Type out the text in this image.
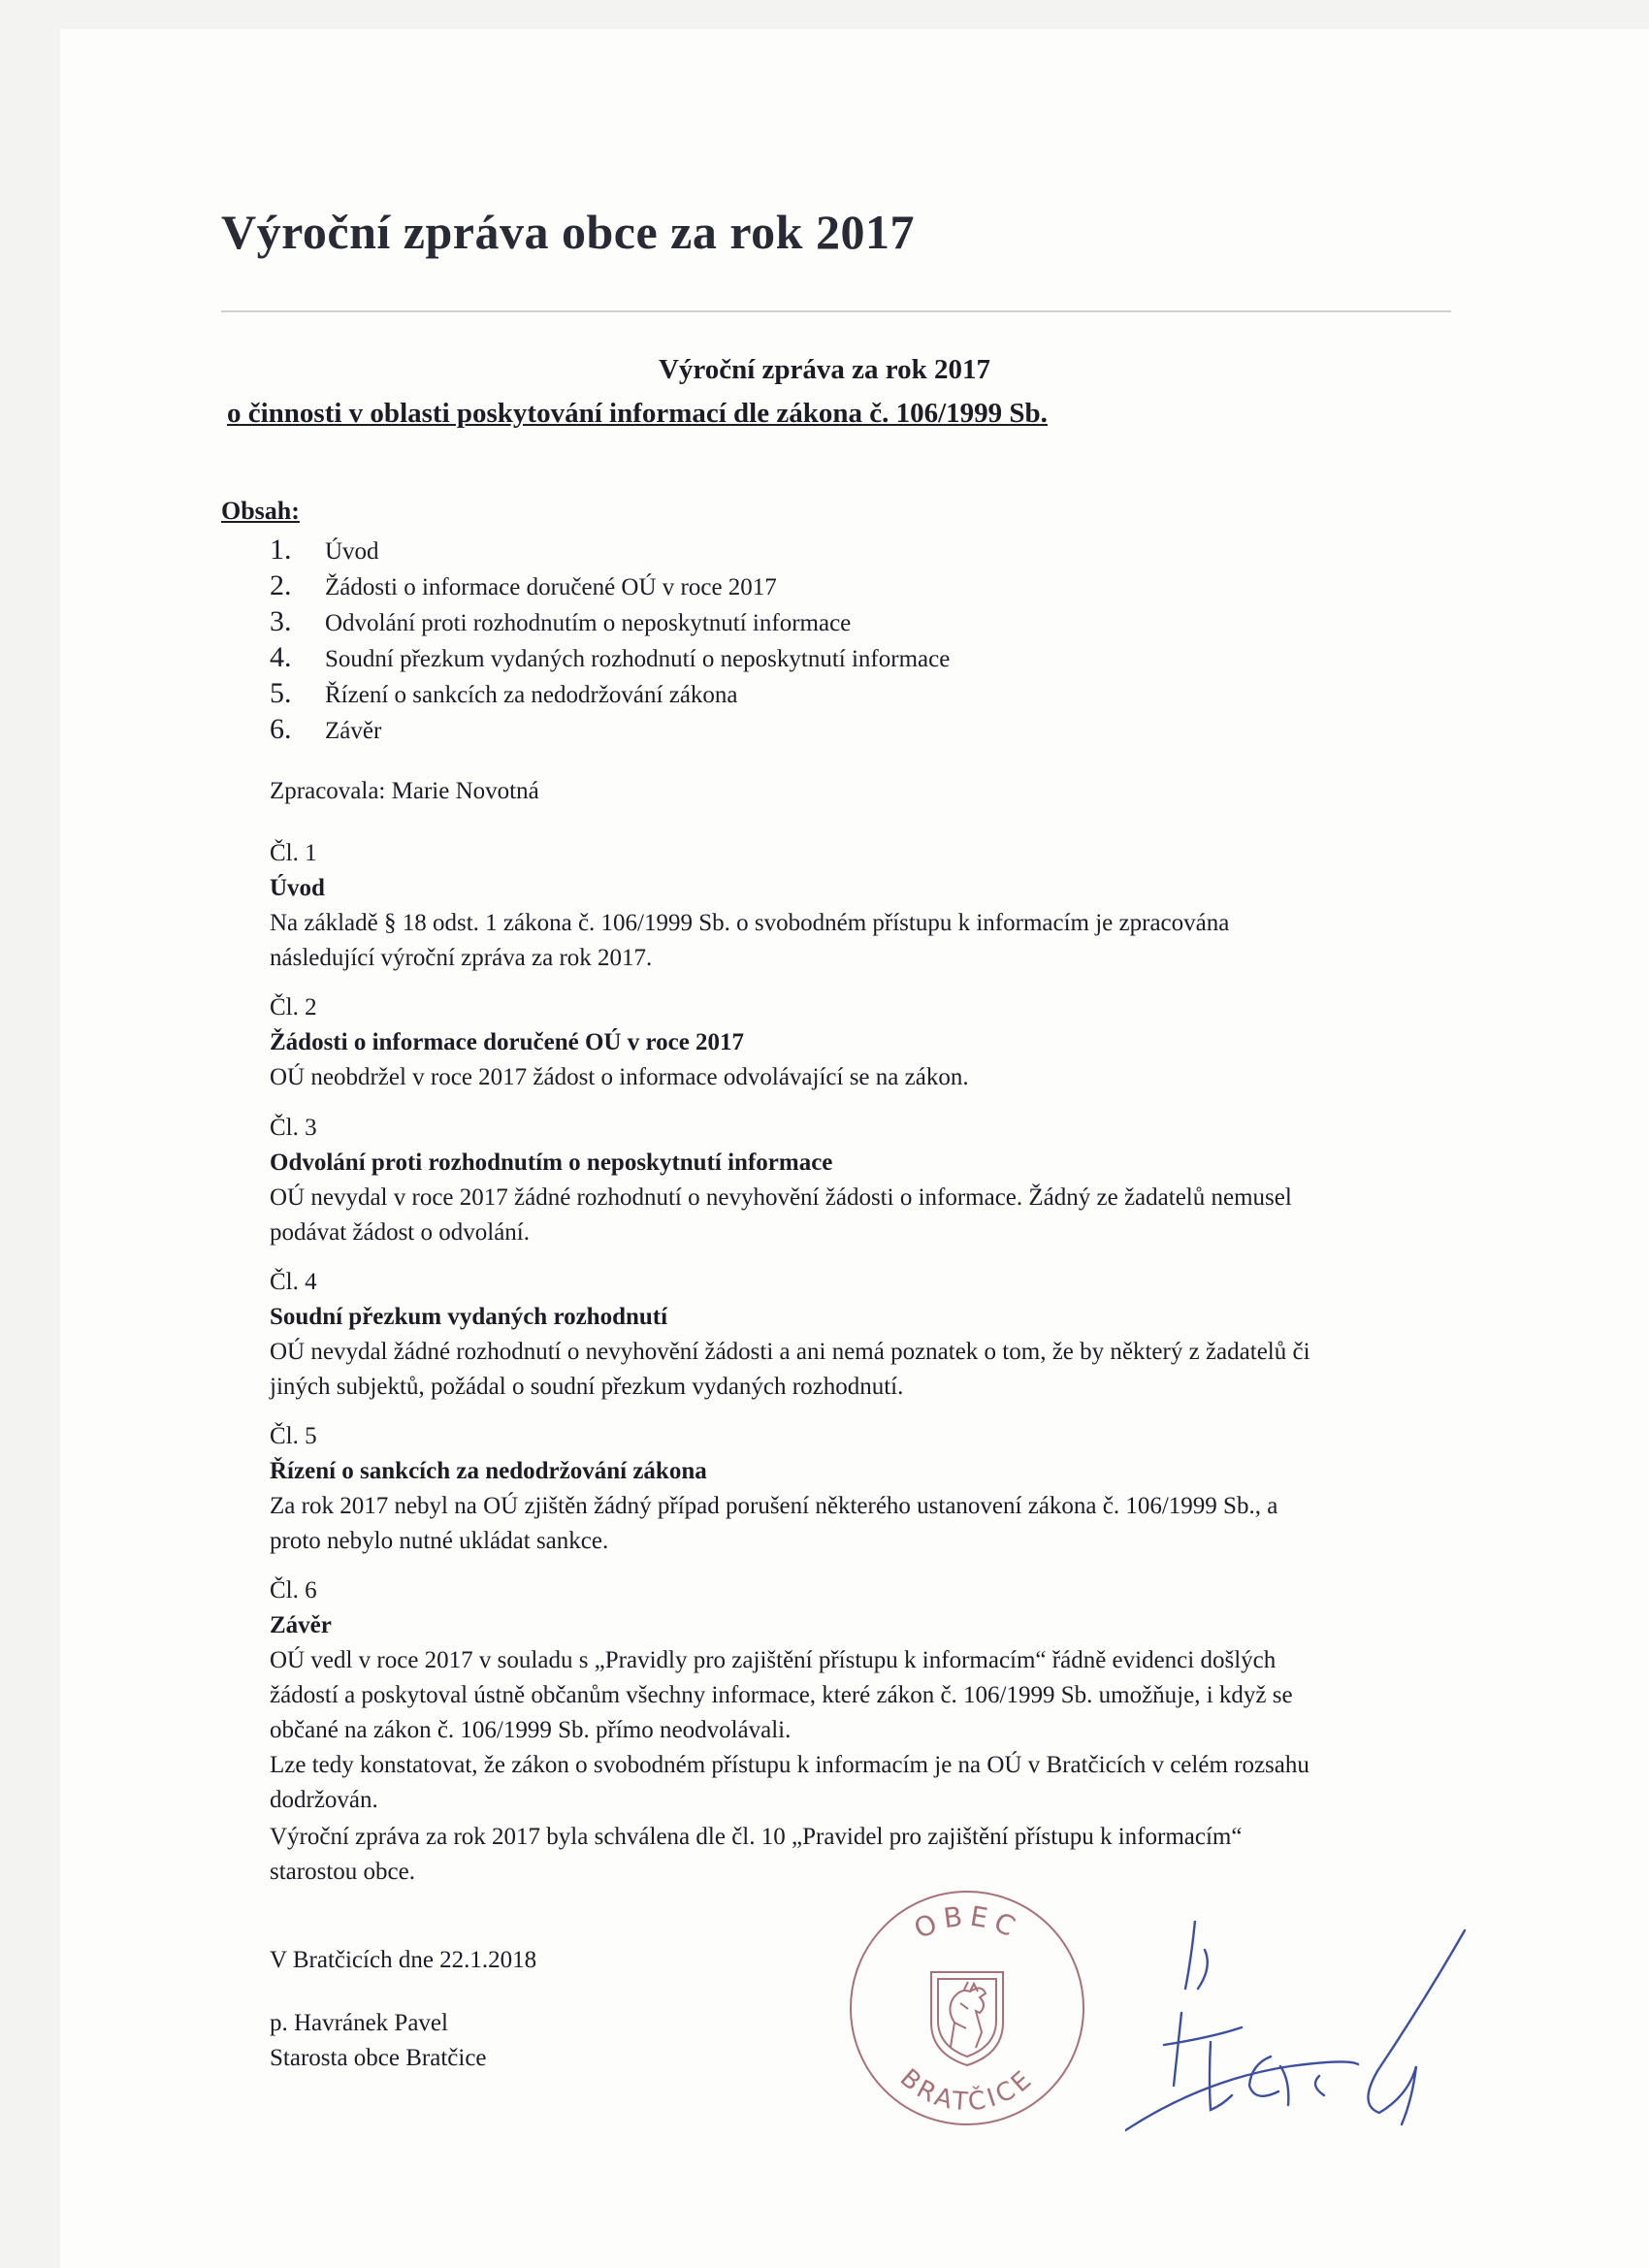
Výroční zpráva obce za rok 2017
Výroční zpráva za rok 2017
o činnosti v oblasti poskytování informací dle zákona č. 106/1999 Sb.
Obsah:
1. Úvod
2. Žádosti o informace doručené OÚ v roce 2017
3. Odvolání proti rozhodnutím o neposkytnutí informace
4. Soudní přezkum vydaných rozhodnutí o neposkytnutí informace
5. Řízení o sankcích za nedodržování zákona
6. Závěr
Zpracovala: Marie Novotná
Čl. 1
Úvod
Na základě § 18 odst. 1 zákona č. 106/1999 Sb. o svobodném přístupu k informacím je zpracována
následující výroční zpráva za rok 2017.
Čl. 2
Žádosti o informace doručené OÚ v roce 2017
OÚ neobdržel v roce 2017 žádost o informace odvolávající se na zákon.
Čl. 3
Odvolání proti rozhodnutím o neposkytnutí informace
OÚ nevydal v roce 2017 žádné rozhodnutí o nevyhovění žádosti o informace. Žádný ze žadatelů nemusel
podávat žádost o odvolání.
Čl. 4
Soudní přezkum vydaných rozhodnutí
OÚ nevydal žádné rozhodnutí o nevyhovění žádosti a ani nemá poznatek o tom, že by některý z žadatelů či
jiných subjektů, požádal o soudní přezkum vydaných rozhodnutí.
Čl. 5
Řízení o sankcích za nedodržování zákona
Za rok 2017 nebyl na OÚ zjištěn žádný případ porušení některého ustanovení zákona č. 106/1999 Sb., a
proto nebylo nutné ukládat sankce.
Čl. 6
Závěr
OÚ vedl v roce 2017 v souladu s „Pravidly pro zajištění přístupu k informacím“ řádně evidenci došlých
žádostí a poskytoval ústně občanům všechny informace, které zákon č. 106/1999 Sb. umožňuje, i když se
občané na zákon č. 106/1999 Sb. přímo neodvolávali.
Lze tedy konstatovat, že zákon o svobodném přístupu k informacím je na OÚ v Bratčicích v celém rozsahu
dodržován.
Výroční zpráva za rok 2017 byla schválena dle čl. 10 „Pravidel pro zajištění přístupu k informacím“
starostou obce.
V Bratčicích dne 22.1.2018
p. Havránek Pavel
Starosta obce Bratčice
OBEC
BRATČICE
